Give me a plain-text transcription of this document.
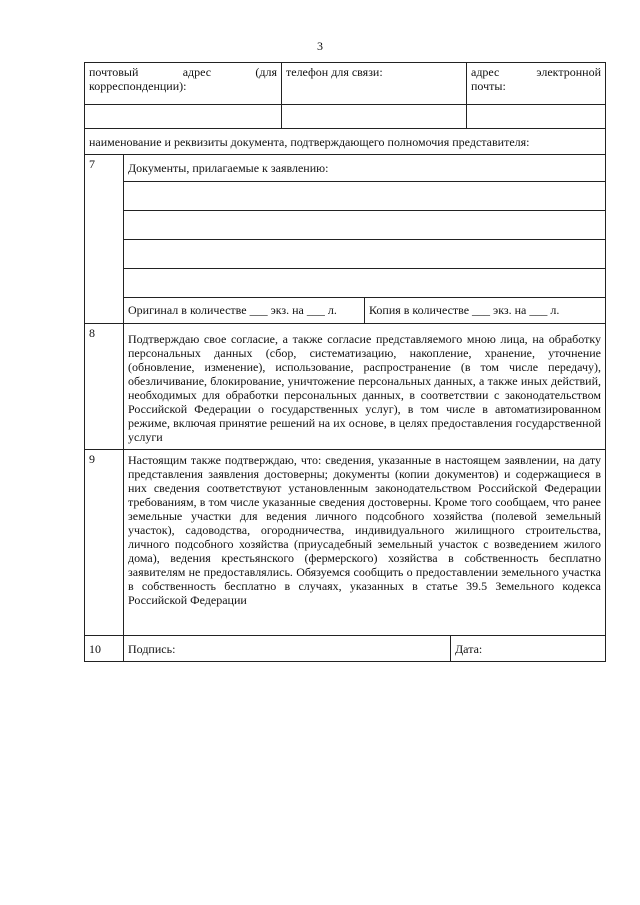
3
почтовый адрес (для корреспонденции):	телефон для связи:	адрес электронной почты:

наименование и реквизиты документа, подтверждающего полномочия представителя:		
7		Документы, прилагаемые к заявлению:

Оригинал в количестве ___ экз. на ___ л.	Копия в количестве ___ экз. на ___ л.
8	Подтверждаю свое согласие, а также согласие представляемого мною лица, на обработку персональных данных (сбор, систематизацию, накопление, хранение, уточнение (обновление, изменение), использование, распространение (в том числе передачу), обезличивание, блокирование, уничтожение персональных данных, а также иных действий, необходимых для обработки персональных данных, в соответствии с законодательством Российской Федерации о государственных услуг), в том числе в автоматизированном режиме, включая принятие решений на их основе, в целях предоставления государственной услуги
9	Настоящим также подтверждаю, что: сведения, указанные в настоящем заявлении, на дату представления заявления достоверны; документы (копии документов) и содержащиеся в них сведения соответствуют установленным законодательством Российской Федерации требованиям, в том числе указанные сведения достоверны. Кроме того сообщаем, что ранее земельные участки для ведения личного подсобного хозяйства (полевой земельный участок), садоводства, огородничества, индивидуального жилищного строительства, личного подсобного хозяйства (приусадебный земельный участок с возведением жилого дома), ведения крестьянского (фермерского) хозяйства в собственность бесплатно заявителям не предоставлялись. Обязуемся сообщить о предоставлении земельного участка в собственность бесплатно в случаях, указанных в статье 39.5 Земельного кодекса Российской Федерации
10	Подпись:	Дата:
